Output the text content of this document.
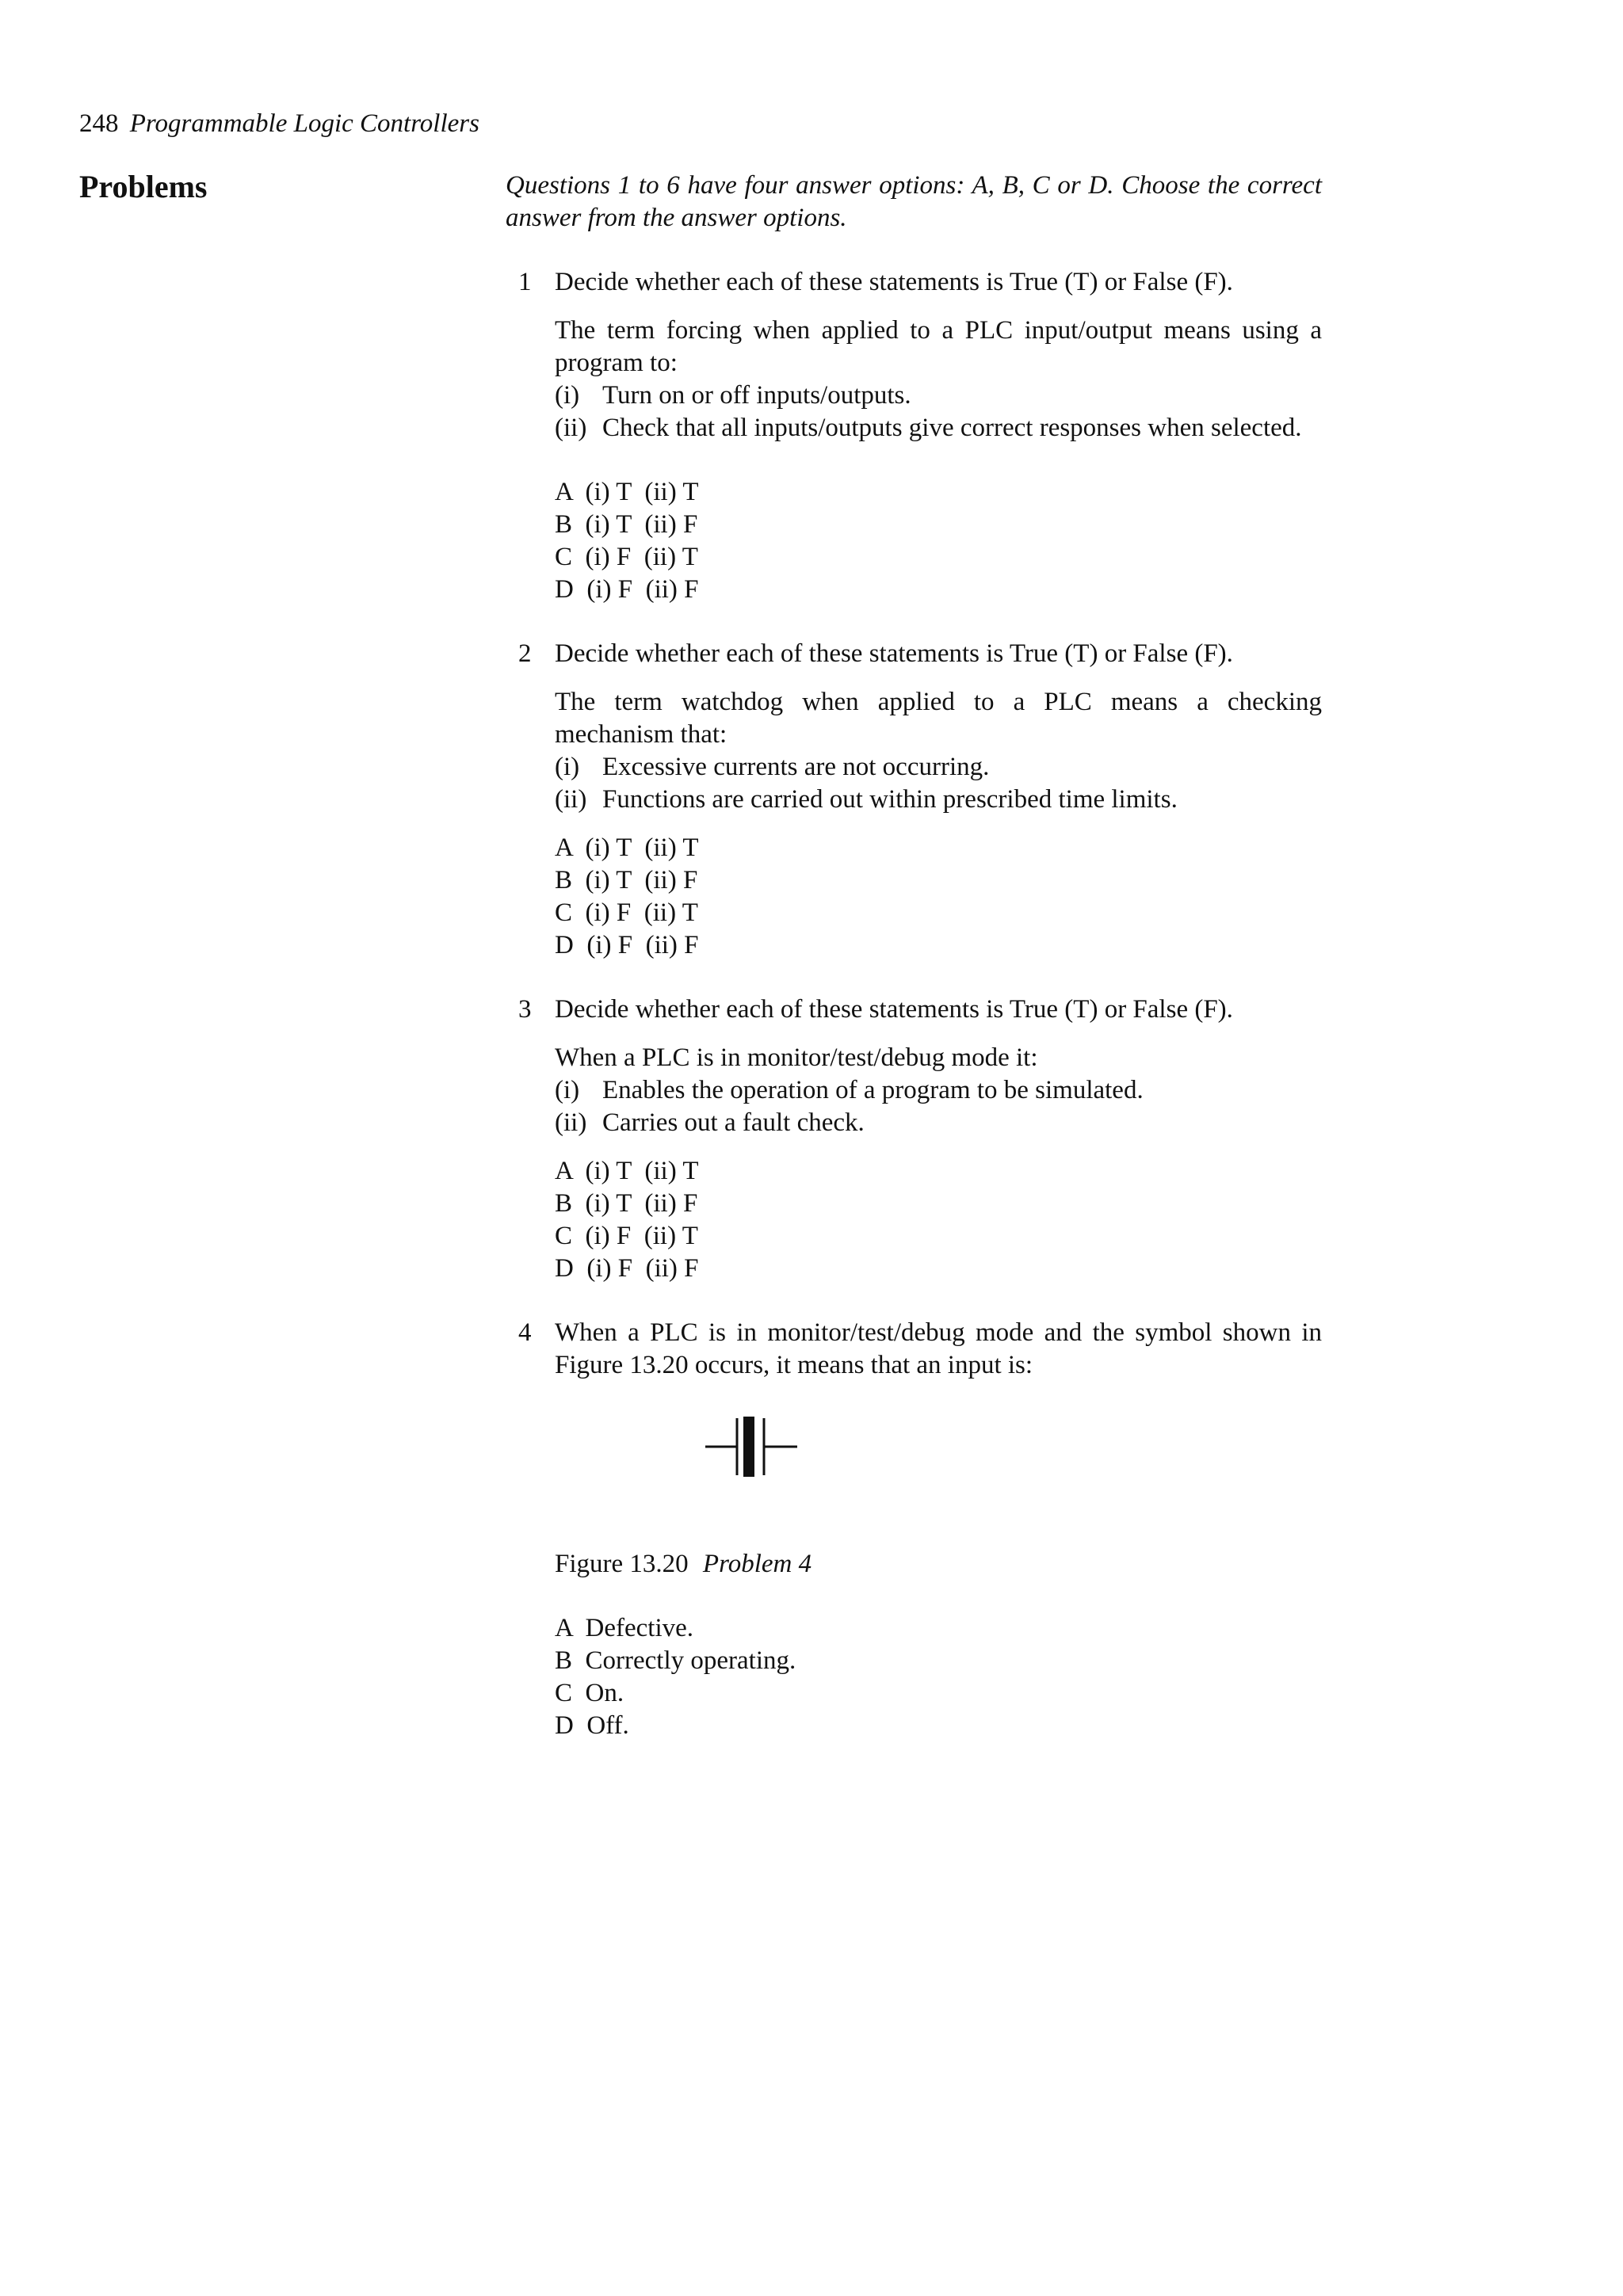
248 Programmable Logic Controllers
Problems	Questions 1 to 6 have four answer options: A, B, C or D. Choose the correct answer from the answer options.

1 Decide whether each of these statements is True (T) or False (F).

The term forcing when applied to a PLC input/output means using a program to:

(i) Turn on or off inputs/outputs.
(ii) Check that all inputs/outputs give correct responses when selected.
A  (i) T  (ii) T
B  (i) T  (ii) F
C  (i) F  (ii) T
D  (i) F  (ii) F
2 Decide whether each of these statements is True (T) or False (F).

The term watchdog when applied to a PLC means a checking mechanism that:

(i) Excessive currents are not occurring.
(ii) Functions are carried out within prescribed time limits.
A  (i) T  (ii) T
B  (i) T  (ii) F
C  (i) F  (ii) T
D  (i) F  (ii) F
3 Decide whether each of these statements is True (T) or False (F).

When a PLC is in monitor/test/debug mode it:

(i) Enables the operation of a program to be simulated.
(ii) Carries out a fault check.
A  (i) T  (ii) T
B  (i) T  (ii) F
C  (i) F  (ii) T
D  (i) F  (ii) F
4 When a PLC is in monitor/test/debug mode and the symbol shown in Figure 13.20 occurs, it means that an input is:

Figure 13.20 Problem 4
A  Defective.
B  Correctly operating.
C  On.
D  Off.
